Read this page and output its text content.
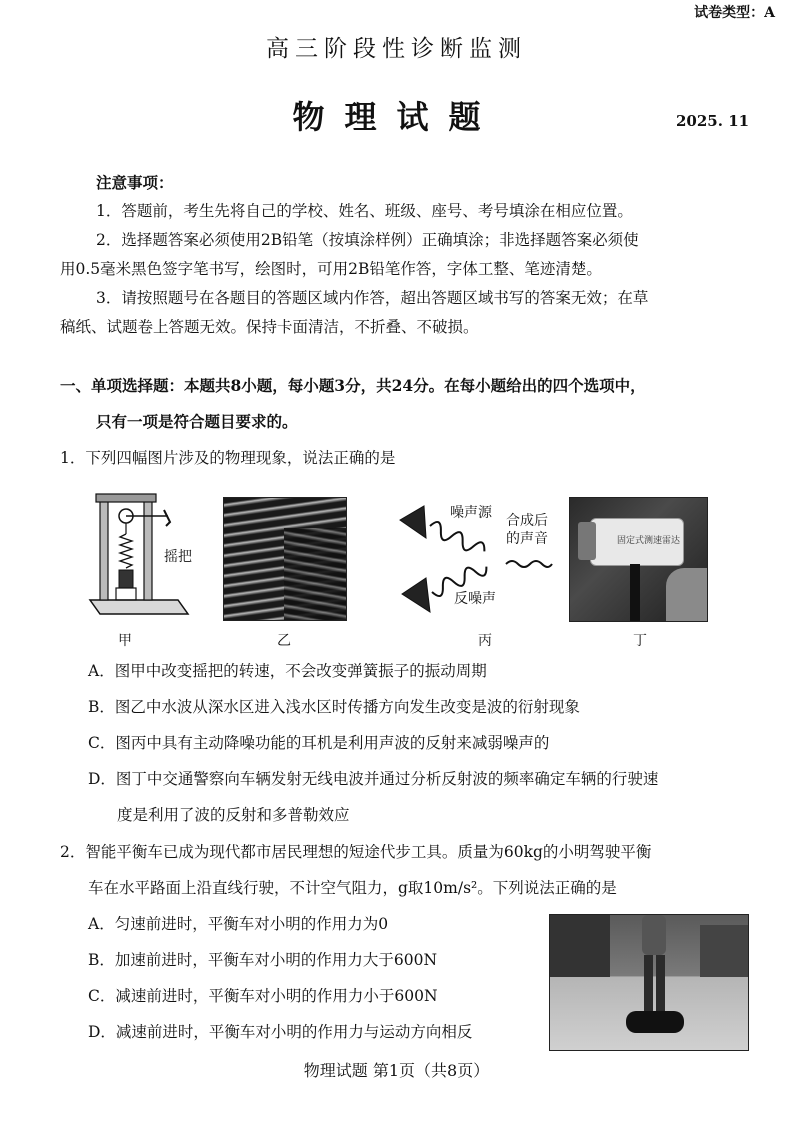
试卷类型：A
高三阶段性诊断监测
物理试题	2025. 11
注意事项：
1．答题前，考生先将自己的学校、姓名、班级、座号、考号填涂在相应位置。
2．选择题答案必须使用2B铅笔（按填涂样例）正确填涂；非选择题答案必须使
用0.5毫米黑色签字笔书写，绘图时，可用2B铅笔作答，字体工整、笔迹清楚。
3．请按照题号在各题目的答题区域内作答，超出答题区域书写的答案无效；在草
稿纸、试题卷上答题无效。保持卡面清洁，不折叠、不破损。
一、单项选择题：本题共8小题，每小题3分，共24分。在每小题给出的四个选项中，
只有一项是符合题目要求的。
1．下列四幅图片涉及的物理现象，说法正确的是
摇把
甲	乙
噪声源
反噪声
合成后
的声音
丙
固定式测速雷达
丁
A．图甲中改变摇把的转速，不会改变弹簧振子的振动周期
B．图乙中水波从深水区进入浅水区时传播方向发生改变是波的衍射现象
C．图丙中具有主动降噪功能的耳机是利用声波的反射来减弱噪声的
D．图丁中交通警察向车辆发射无线电波并通过分析反射波的频率确定车辆的行驶速
度是利用了波的反射和多普勒效应
2．智能平衡车已成为现代都市居民理想的短途代步工具。质量为60kg的小明驾驶平衡
车在水平路面上沿直线行驶，不计空气阻力，g取10m/s²。下列说法正确的是
A．匀速前进时，平衡车对小明的作用力为0
B．加速前进时，平衡车对小明的作用力大于600N
C．减速前进时，平衡车对小明的作用力小于600N
D．减速前进时，平衡车对小明的作用力与运动方向相反
物理试题 第1页（共8页）
